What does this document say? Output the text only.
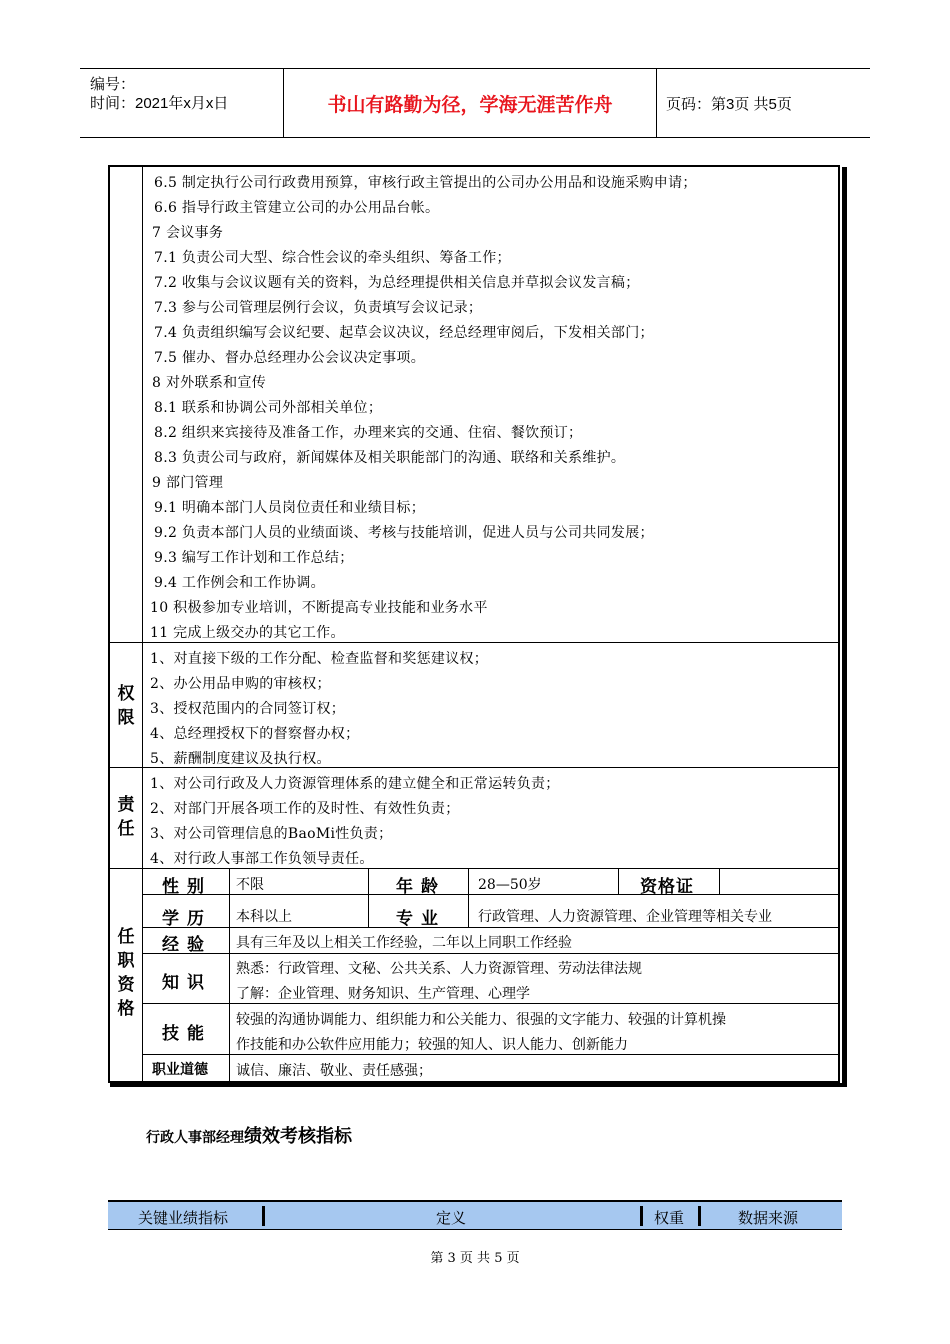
编号：
时间：2021年x月x日	书山有路勤为径，学海无涯苦作舟	页码：第3页 共5页
6.5 制定执行公司行政费用预算，审核行政主管提出的公司办公用品和设施采购申请；
6.6 指导行政主管建立公司的办公用品台帐。
7 会议事务
7.1 负责公司大型、综合性会议的牵头组织、筹备工作；
7.2 收集与会议议题有关的资料，为总经理提供相关信息并草拟会议发言稿；
7.3 参与公司管理层例行会议，负责填写会议记录；
7.4 负责组织编写会议纪要、起草会议决议，经总经理审阅后，下发相关部门；
7.5 催办、督办总经理办公会议决定事项。
8 对外联系和宣传
8.1 联系和协调公司外部相关单位；
8.2 组织来宾接待及准备工作，办理来宾的交通、住宿、餐饮预订；
8.3 负责公司与政府，新闻媒体及相关职能部门的沟通、联络和关系维护。
9 部门管理
9.1 明确本部门人员岗位责任和业绩目标；
9.2 负责本部门人员的业绩面谈、考核与技能培训，促进人员与公司共同发展；
9.3 编写工作计划和工作总结；
9.4 工作例会和工作协调。
10 积极参加专业培训，不断提高专业技能和业务水平
11 完成上级交办的其它工作。
权限
1、对直接下级的工作分配、检查监督和奖惩建议权；
2、办公用品申购的审核权；
3、授权范围内的合同签订权；
4、总经理授权下的督察督办权；
5、薪酬制度建议及执行权。
责任
1、对公司行政及人力资源管理体系的建立健全和正常运转负责；
2、对部门开展各项工作的及时性、有效性负责；
3、对公司管理信息的BaoMi性负责；
4、对行政人事部工作负领导责任。
任职资格
性别 不限	年龄 28—50岁	资格证
学历 本科以上	专业 行政管理、人力资源管理、企业管理等相关专业
经验 具有三年及以上相关工作经验，二年以上同职工作经验
知识
熟悉：行政管理、文秘、公共关系、人力资源管理、劳动法律法规
了解：企业管理、财务知识、生产管理、心理学
技能
较强的沟通协调能力、组织能力和公关能力、很强的文字能力、较强的计算机操
作技能和办公软件应用能力；较强的知人、识人能力、创新能力
职业道德 诚信、廉洁、敬业、责任感强；
行政人事部经理绩效考核指标
关键业绩指标	定义	权重	数据来源
第 3 页 共 5 页
